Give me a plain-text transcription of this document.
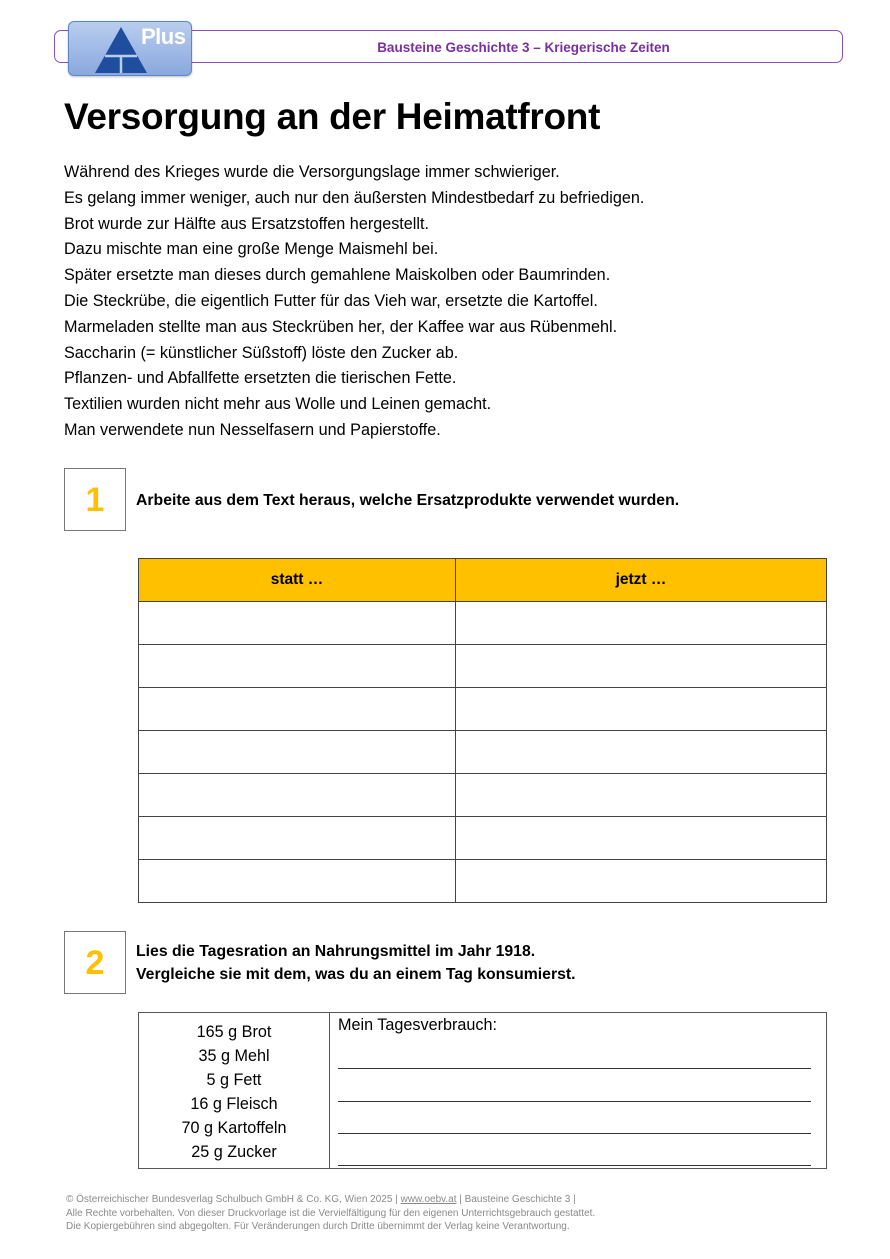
Bausteine Geschichte 3 – Kriegerische Zeiten
Plus
Versorgung an der Heimatfront
Während des Krieges wurde die Versorgungslage immer schwieriger.
Es gelang immer weniger, auch nur den äußersten Mindestbedarf zu befriedigen.
Brot wurde zur Hälfte aus Ersatzstoffen hergestellt.
Dazu mischte man eine große Menge Maismehl bei.
Später ersetzte man dieses durch gemahlene Maiskolben oder Baumrinden.
Die Steckrübe, die eigentlich Futter für das Vieh war, ersetzte die Kartoffel.
Marmeladen stellte man aus Steckrüben her, der Kaffee war aus Rübenmehl.
Saccharin (= künstlicher Süßstoff) löste den Zucker ab.
Pflanzen- und Abfallfette ersetzten die tierischen Fette.
Textilien wurden nicht mehr aus Wolle und Leinen gemacht.
Man verwendete nun Nesselfasern und Papierstoffe.
1	Arbeite aus dem Text heraus, welche Ersatzprodukte verwendet wurden.
statt …	jetzt …

2	Lies die Tagesration an Nahrungsmittel im Jahr 1918.
Vergleiche sie mit dem, was du an einem Tag konsumierst.
165 g Brot
35 g Mehl
5 g Fett
16 g Fleisch
70 g Kartoffeln
25 g Zucker
Mein Tagesverbrauch:
© Österreichischer Bundesverlag Schulbuch GmbH & Co. KG, Wien 2025 | www.oebv.at | Bausteine Geschichte 3 |
Alle Rechte vorbehalten. Von dieser Druckvorlage ist die Vervielfältigung für den eigenen Unterrichtsgebrauch gestattet.
Die Kopiergebühren sind abgegolten. Für Veränderungen durch Dritte übernimmt der Verlag keine Verantwortung.
